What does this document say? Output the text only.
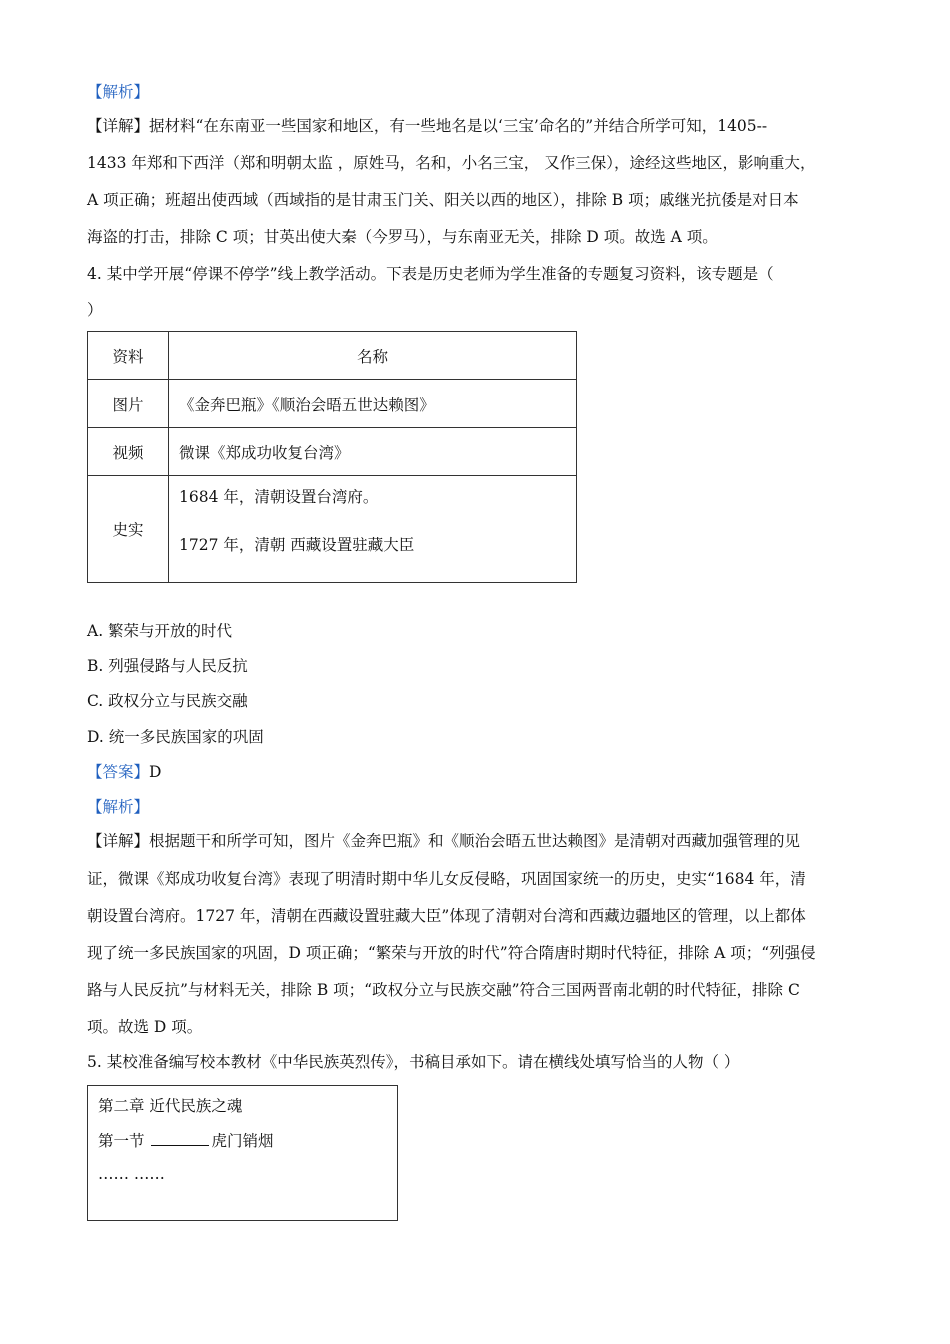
【解析】
【详解】据材料“在东南亚一些国家和地区，有一些地名是以‘三宝’命名的”并结合所学可知，1405--
1433 年郑和下西洋（郑和明朝太监 ，原姓马，名和，小名三宝， 又作三保），途经这些地区，影响重大，
A 项正确；班超出使西域（西域指的是甘肃玉门关、阳关以西的地区），排除 B 项；戚继光抗倭是对日本
海盗的打击，排除 C 项；甘英出使大秦（今罗马），与东南亚无关，排除 D 项。故选 A 项。
4. 某中学开展“停课不停学”线上教学活动。下表是历史老师为学生准备的专题复习资料，该专题是（
）
资料	名称
图片	《金奔巴瓶》《顺治会晤五世达赖图》
视频	微课《郑成功收复台湾》
史实	1684 年，清朝设置台湾府。
1727 年，清朝 西藏设置驻藏大臣
A. 繁荣与开放的时代
B. 列强侵路与人民反抗
C. 政权分立与民族交融
D. 统一多民族国家的巩固
【答案】D
【解析】
【详解】根据题干和所学可知，图片《金奔巴瓶》和《顺治会晤五世达赖图》是清朝对西藏加强管理的见
证，微课《郑成功收复台湾》表现了明清时期中华儿女反侵略，巩固国家统一的历史，史实“1684 年，清
朝设置台湾府。1727 年，清朝在西藏设置驻藏大臣”体现了清朝对台湾和西藏边疆地区的管理，以上都体
现了统一多民族国家的巩固，D 项正确；“繁荣与开放的时代”符合隋唐时期时代特征，排除 A 项；“列强侵
路与人民反抗”与材料无关，排除 B 项；“政权分立与民族交融”符合三国两晋南北朝的时代特征，排除 C
项。故选 D 项。
5. 某校准备编写校本教材《中华民族英烈传》，书稿目承如下。请在横线处填写恰当的人物（ ）
第二章 近代民族之魂
第一节	虎门销烟
…… ……
